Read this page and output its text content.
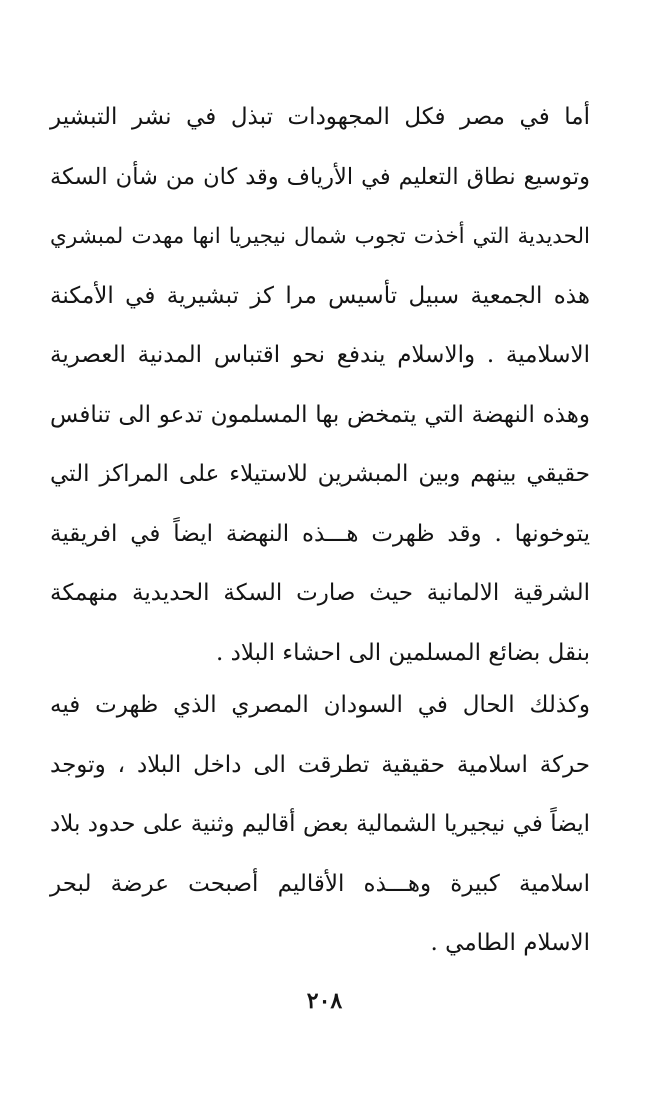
أما في مصر فكل المجهودات تبذل في نشر التبشير
وتوسيع نطاق التعليم في الأرياف وقد كان من شأن السكة
الحديدية التي أخذت تجوب شمال نيجيريا انها مهدت لمبشري
هذه الجمعية سبيل تأسيس مرا كز تبشيرية في الأمكنة
الاسلامية . والاسلام يندفع نحو اقتباس المدنية العصرية
وهذه النهضة التي يتمخض بها المسلمون تدعو الى تنافس
حقيقي بينهم وبين المبشرين للاستيلاء على المراكز التي
يتوخونها . وقد ظهرت هـــذه النهضة ايضاً في افريقية
الشرقية الالمانية حيث صارت السكة الحديدية منهمكة
بنقل بضائع المسلمين الى احشاء البلاد .
وكذلك الحال في السودان المصري الذي ظهرت فيه
حركة اسلامية حقيقية تطرقت الى داخل البلاد ، وتوجد
ايضاً في نيجيريا الشمالية بعض أقاليم وثنية على حدود بلاد
اسلامية كبيرة وهـــذه الأقاليم أصبحت عرضة لبحر
الاسلام الطامي .
٢٠٨
